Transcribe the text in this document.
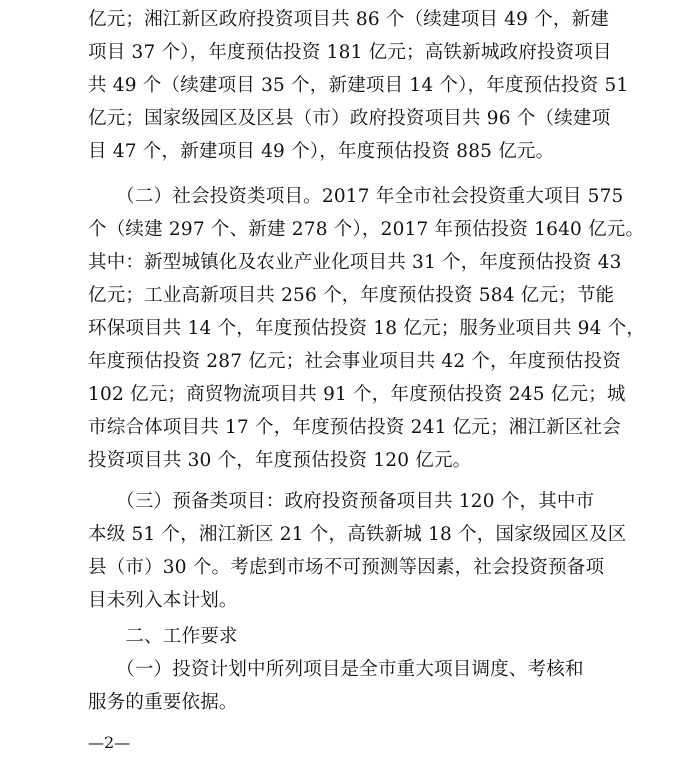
亿元；湘江新区政府投资项目共 86 个（续建项目 49 个，新建
项目 37 个），年度预估投资 181 亿元；高铁新城政府投资项目
共 49 个（续建项目 35 个，新建项目 14 个），年度预估投资 51
亿元；国家级园区及区县（市）政府投资项目共 96 个（续建项
目 47 个，新建项目 49 个），年度预估投资 885 亿元。
　　（二）社会投资类项目。2017 年全市社会投资重大项目 575
个（续建 297 个、新建 278 个），2017 年预估投资 1640 亿元。
其中：新型城镇化及农业产业化项目共 31 个，年度预估投资 43
亿元；工业高新项目共 256 个，年度预估投资 584 亿元；节能
环保项目共 14 个，年度预估投资 18 亿元；服务业项目共 94 个，
年度预估投资 287 亿元；社会事业项目共 42 个，年度预估投资
102 亿元；商贸物流项目共 91 个，年度预估投资 245 亿元；城
市综合体项目共 17 个，年度预估投资 241 亿元；湘江新区社会
投资项目共 30 个，年度预估投资 120 亿元。
　　（三）预备类项目：政府投资预备项目共 120 个，其中市
本级 51 个，湘江新区 21 个，高铁新城 18 个，国家级园区及区
县（市）30 个。考虑到市场不可预测等因素，社会投资预备项
目未列入本计划。
　　二、工作要求
　　（一）投资计划中所列项目是全市重大项目调度、考核和
服务的重要依据。
—2—
